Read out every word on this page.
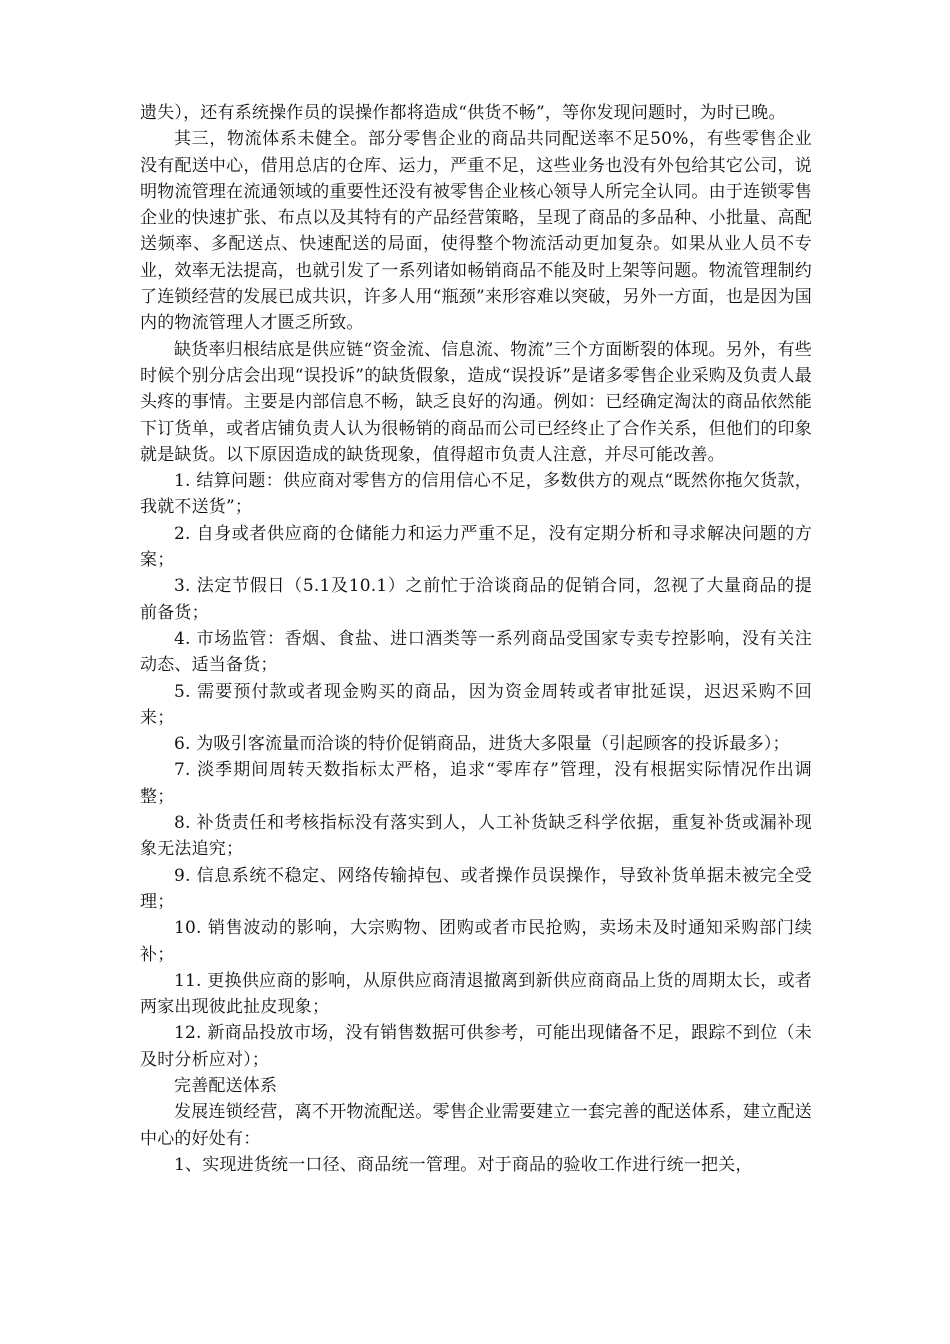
遗失），还有系统操作员的误操作都将造成“供货不畅”，等你发现问题时，为时已晚。

其三，物流体系未健全。部分零售企业的商品共同配送率不足50%，有些零售企业没有配送中心，借用总店的仓库、运力，严重不足，这些业务也没有外包给其它公司，说明物流管理在流通领域的重要性还没有被零售企业核心领导人所完全认同。由于连锁零售企业的快速扩张、布点以及其特有的产品经营策略，呈现了商品的多品种、小批量、高配送频率、多配送点、快速配送的局面，使得整个物流活动更加复杂。如果从业人员不专业，效率无法提高，也就引发了一系列诸如畅销商品不能及时上架等问题。物流管理制约了连锁经营的发展已成共识，许多人用“瓶颈”来形容难以突破，另外一方面，也是因为国内的物流管理人才匮乏所致。

缺货率归根结底是供应链“资金流、信息流、物流”三个方面断裂的体现。另外，有些时候个别分店会出现“误投诉”的缺货假象，造成“误投诉”是诸多零售企业采购及负责人最头疼的事情。主要是内部信息不畅，缺乏良好的沟通。例如：已经确定淘汰的商品依然能下订货单，或者店铺负责人认为很畅销的商品而公司已经终止了合作关系，但他们的印象就是缺货。以下原因造成的缺货现象，值得超市负责人注意，并尽可能改善。

1. 结算问题：供应商对零售方的信用信心不足，多数供方的观点“既然你拖欠货款，我就不送货”；

2. 自身或者供应商的仓储能力和运力严重不足，没有定期分析和寻求解决问题的方案；

3. 法定节假日（5.1及10.1）之前忙于洽谈商品的促销合同，忽视了大量商品的提前备货；

4. 市场监管：香烟、食盐、进口酒类等一系列商品受国家专卖专控影响，没有关注动态、适当备货；

5. 需要预付款或者现金购买的商品，因为资金周转或者审批延误，迟迟采购不回来；

6. 为吸引客流量而洽谈的特价促销商品，进货大多限量（引起顾客的投诉最多）；

7. 淡季期间周转天数指标太严格，追求“零库存”管理，没有根据实际情况作出调整；

8. 补货责任和考核指标没有落实到人，人工补货缺乏科学依据，重复补货或漏补现象无法追究；

9. 信息系统不稳定、网络传输掉包、或者操作员误操作，导致补货单据未被完全受理；

10. 销售波动的影响，大宗购物、团购或者市民抢购，卖场未及时通知采购部门续补；

11. 更换供应商的影响，从原供应商清退撤离到新供应商商品上货的周期太长，或者两家出现彼此扯皮现象；

12. 新商品投放市场，没有销售数据可供参考，可能出现储备不足，跟踪不到位（未及时分析应对）；

完善配送体系

发展连锁经营，离不开物流配送。零售企业需要建立一套完善的配送体系，建立配送中心的好处有：

1、实现进货统一口径、商品统一管理。对于商品的验收工作进行统一把关，
